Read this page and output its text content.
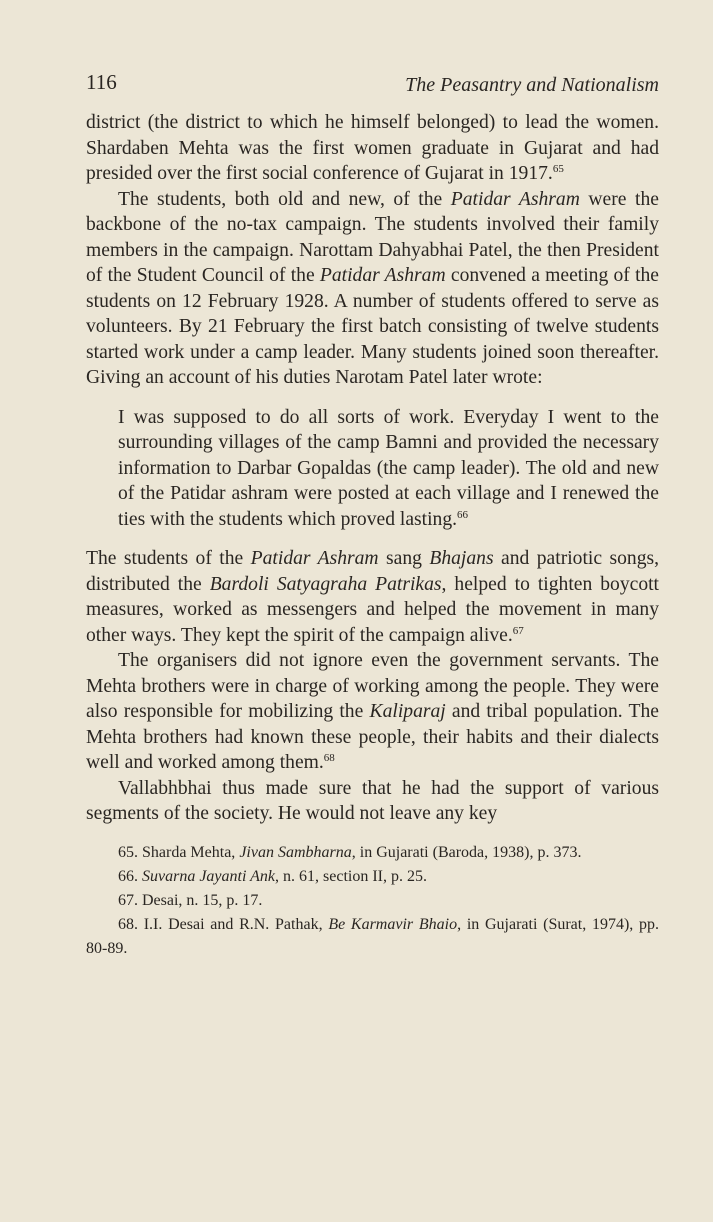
116	The Peasantry and Nationalism

district (the district to which he himself belonged) to lead the women. Shardaben Mehta was the first women graduate in Gujarat and had presided over the first social conference of Gujarat in 1917.65

The students, both old and new, of the Patidar Ashram were the backbone of the no-tax campaign. The students involved their family members in the campaign. Narottam Dahyabhai Patel, the then President of the Student Council of the Patidar Ashram convened a meeting of the students on 12 February 1928. A number of students offered to serve as volunteers. By 21 February the first batch consisting of twelve students started work under a camp leader. Many students joined soon thereafter. Giving an account of his duties Narotam Patel later wrote:

I was supposed to do all sorts of work. Everyday I went to the surrounding villages of the camp Bamni and provided the necessary information to Darbar Gopaldas (the camp leader). The old and new of the Patidar ashram were posted at each village and I renewed the ties with the students which proved lasting.$^{66}$

The students of the Patidar Ashram sang Bhajans and patriotic songs, distributed the Bardoli Satyagraha Patrikas, helped to tighten boycott measures, worked as messengers and helped the movement in many other ways. They kept the spirit of the campaign alive.$^{67}$

The organisers did not ignore even the government servants. The Mehta brothers were in charge of working among the people. They were also responsible for mobilizing the Kaliparaj and tribal population. The Mehta brothers had known these people, their habits and their dialects well and worked among them.$^{68}$

Vallabhbhai thus made sure that he had the support of various segments of the society. He would not leave any key

65. Sharda Mehta, Jivan Sambharna, in Gujarati (Baroda, 1938), p. 373.

66. Suvarna Jayanti Ank, n. 61, section II, p. 25.

67. Desai, n. 15, p. 17.

68. I.I. Desai and R.N. Pathak, Be Karmavir Bhaio, in Gujarati (Surat, 1974), pp. 80-89.
